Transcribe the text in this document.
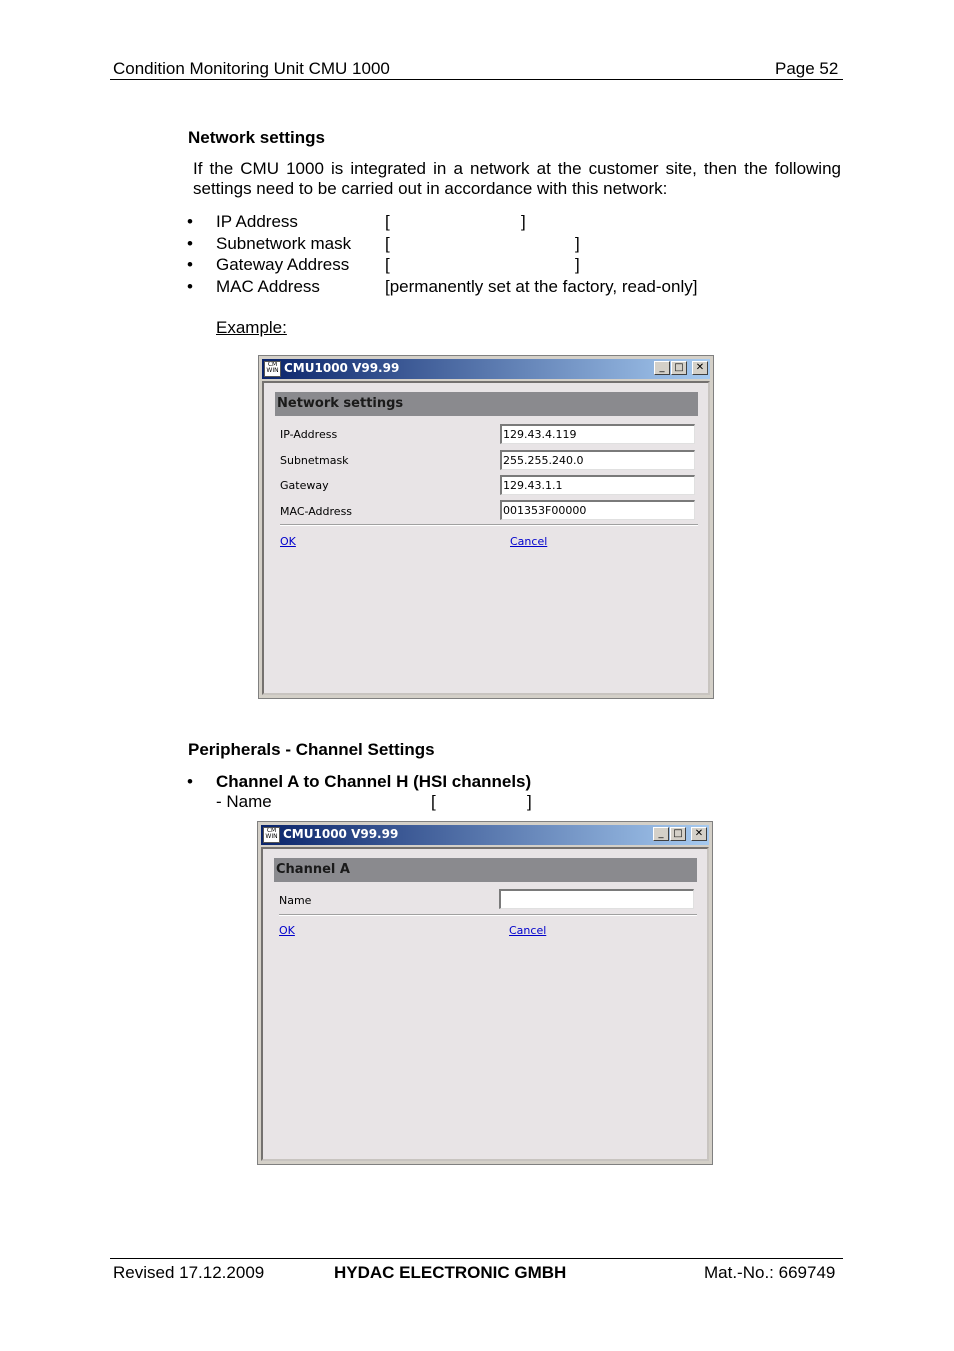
Condition Monitoring Unit CMU 1000	Page 52
Network settings
If the CMU 1000 is integrated in a network at the customer site, then the following
settings need to be carried out in accordance with this network:
• IP Address	[	]
• Subnetwork mask [	]
• Gateway Address [	]
• MAC Address	[permanently set at the factory, read-only]
Example:
CM WIN CMU1000 V99.99	_ □	✕
Network settings
IP-Address	129.43.4.119
Subnetmask	255.255.240.0
Gateway	129.43.1.1
MAC-Address	001353F00000
OK	Cancel
Peripherals - Channel Settings
• Channel A to Channel H (HSI channels)
- Name	[	]
CM WIN CMU1000 V99.99	_ □	✕
Channel A
Name
OK	Cancel
Revised 17.12.2009	HYDAC ELECTRONIC GMBH	Mat.-No.: 669749
